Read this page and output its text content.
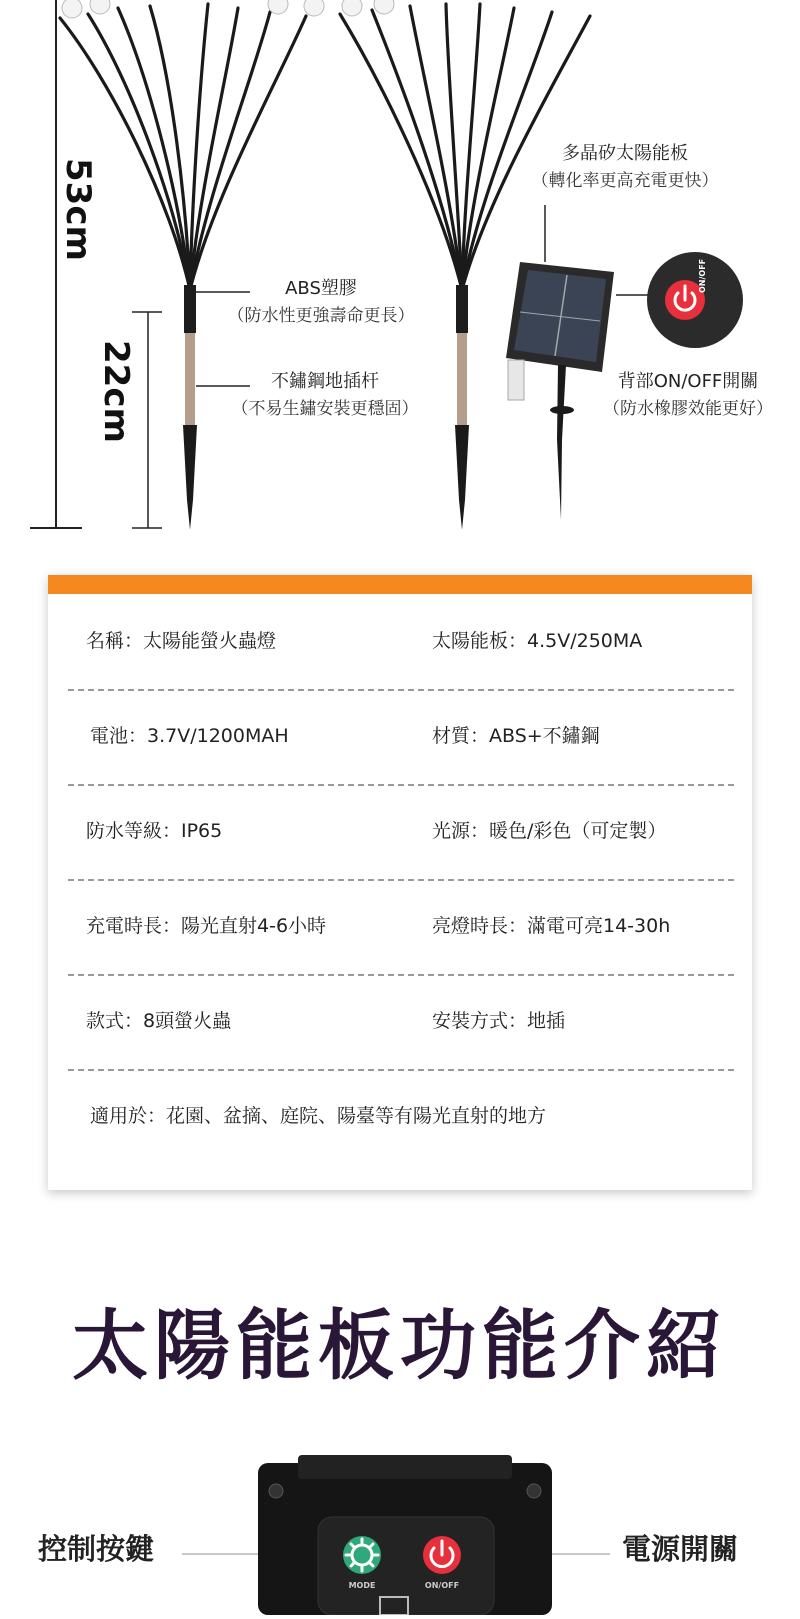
53cm
22cm
ON/OFF
ABS塑膠
（防水性更強壽命更長）
不鏽鋼地插杆
（不易生鏽安裝更穩固）
多晶矽太陽能板
（轉化率更高充電更快）
背部ON/OFF開關
（防水橡膠效能更好）
名稱：太陽能螢火蟲燈	太陽能板：4.5V/250MA
電池：3.7V/1200MAH	材質：ABS+不鏽鋼
防水等級：IP65	光源：暖色/彩色（可定製）
充電時長：陽光直射4-6小時	亮燈時長：滿電可亮14-30h
款式：8頭螢火蟲	安裝方式：地插
適用於：花園、盆摘、庭院、陽臺等有陽光直射的地方
太陽能板功能介紹
控制按鍵	電源開關
MODE	ON/OFF
